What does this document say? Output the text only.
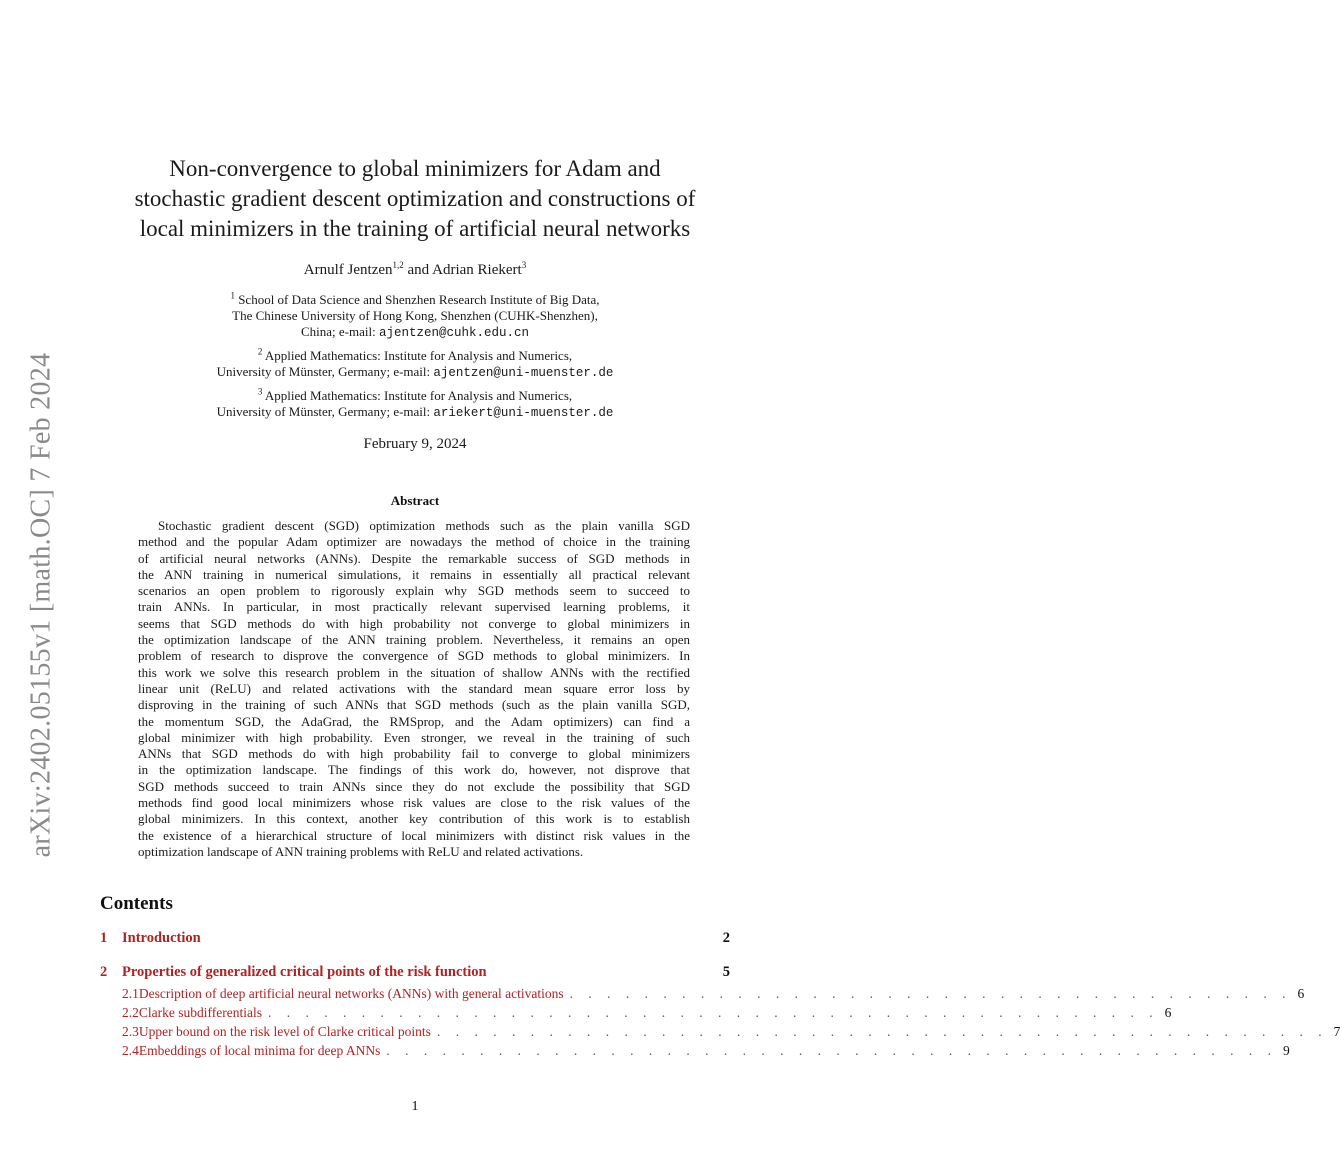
arXiv:2402.05155v1 [math.OC] 7 Feb 2024
Non-convergence to global minimizers for Adam and
stochastic gradient descent optimization and constructions of
local minimizers in the training of artificial neural networks
Arnulf Jentzen$^{1,2}$ and Adrian Riekert$^3$
$^1$ School of Data Science and Shenzhen Research Institute of Big Data,
The Chinese University of Hong Kong, Shenzhen (CUHK-Shenzhen),
China; e-mail: ajentzen@cuhk.edu.cn
$^2$ Applied Mathematics: Institute for Analysis and Numerics,
University of Münster, Germany; e-mail: ajentzen@uni-muenster.de
$^3$ Applied Mathematics: Institute for Analysis and Numerics,
University of Münster, Germany; e-mail: ariekert@uni-muenster.de
February 9, 2024
Abstract
Stochastic gradient descent (SGD) optimization methods such as the plain vanilla SGD
method and the popular Adam optimizer are nowadays the method of choice in the training
of artificial neural networks (ANNs). Despite the remarkable success of SGD methods in
the ANN training in numerical simulations, it remains in essentially all practical relevant
scenarios an open problem to rigorously explain why SGD methods seem to succeed to
train ANNs. In particular, in most practically relevant supervised learning problems, it
seems that SGD methods do with high probability not converge to global minimizers in
the optimization landscape of the ANN training problem. Nevertheless, it remains an open
problem of research to disprove the convergence of SGD methods to global minimizers. In
this work we solve this research problem in the situation of shallow ANNs with the rectified
linear unit (ReLU) and related activations with the standard mean square error loss by
disproving in the training of such ANNs that SGD methods (such as the plain vanilla SGD,
the momentum SGD, the AdaGrad, the RMSprop, and the Adam optimizers) can find a
global minimizer with high probability. Even stronger, we reveal in the training of such
ANNs that SGD methods do with high probability fail to converge to global minimizers
in the optimization landscape. The findings of this work do, however, not disprove that
SGD methods succeed to train ANNs since they do not exclude the possibility that SGD
methods find good local minimizers whose risk values are close to the risk values of the
global minimizers. In this context, another key contribution of this work is to establish
the existence of a hierarchical structure of local minimizers with distinct risk values in the
optimization landscape of ANN training problems with ReLU and related activations.
Contents
1	Introduction	2
2	Properties of generalized critical points of the risk function	5
2.1 Description of deep artificial neural networks (ANNs) with general activations . . . . . . . . . . . . . . . . . . . . . . . . . . . . . . . . . . . . . . . 6
2.2 Clarke subdifferentials . . . . . . . . . . . . . . . . . . . . . . . . . . . . . . . . . . . . . . . . . . . . . . . . 6
2.3 Upper bound on the risk level of Clarke critical points . . . . . . . . . . . . . . . . . . . . . . . . . . . . . . . . . . . . . . . . . . . . . . . . 7
2.4 Embeddings of local minima for deep ANNs . . . . . . . . . . . . . . . . . . . . . . . . . . . . . . . . . . . . . . . . . . . . . . . . 9
1
